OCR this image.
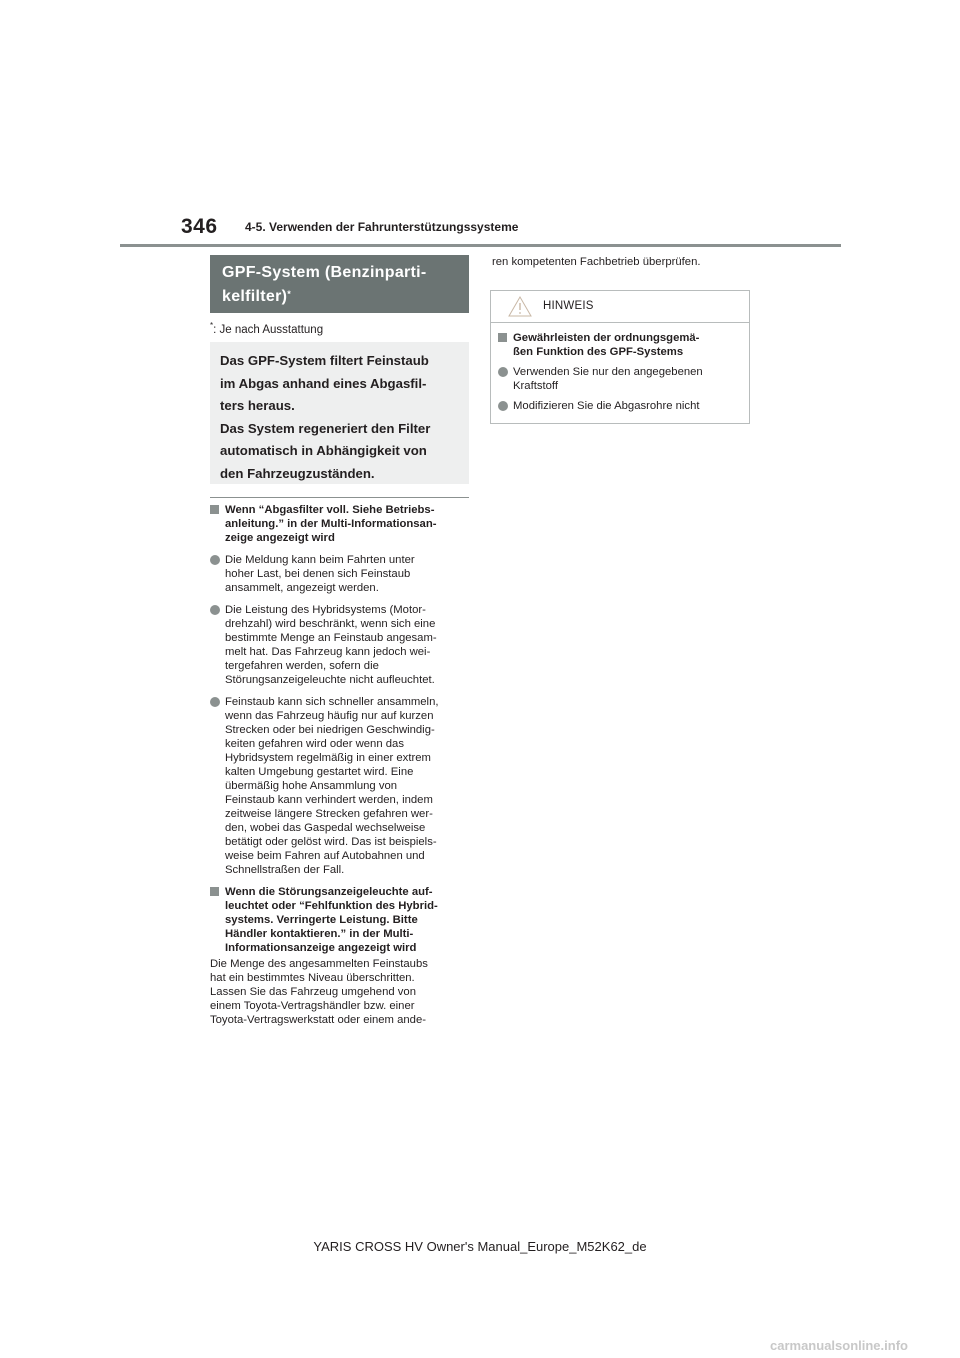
346 4-5. Verwenden der Fahrunterstützungssysteme
GPF-System (Benzinparti-
kelfilter)*
*: Je nach Ausstattung

Das GPF-System filtert Feinstaub

im Abgas anhand eines Abgasfil-

ters heraus.

Das System regeneriert den Filter

automatisch in Abhängigkeit von

den Fahrzeugzuständen.

Wenn “Abgasfilter voll. Siehe Betriebs-
anleitung.” in der Multi-Informationsan-
zeige angezeigt wird
Die Meldung kann beim Fahrten unter
hoher Last, bei denen sich Feinstaub
ansammelt, angezeigt werden.
Die Leistung des Hybridsystems (Motor-
drehzahl) wird beschränkt, wenn sich eine
bestimmte Menge an Feinstaub angesam-
melt hat. Das Fahrzeug kann jedoch wei-
tergefahren werden, sofern die
Störungsanzeigeleuchte nicht aufleuchtet.
Feinstaub kann sich schneller ansammeln,
wenn das Fahrzeug häufig nur auf kurzen
Strecken oder bei niedrigen Geschwindig-
keiten gefahren wird oder wenn das
Hybridsystem regelmäßig in einer extrem
kalten Umgebung gestartet wird. Eine
übermäßig hohe Ansammlung von
Feinstaub kann verhindert werden, indem
zeitweise längere Strecken gefahren wer-
den, wobei das Gaspedal wechselweise
betätigt oder gelöst wird. Das ist beispiels-
weise beim Fahren auf Autobahnen und
Schnellstraßen der Fall.
Wenn die Störungsanzeigeleuchte auf-
leuchtet oder “Fehlfunktion des Hybrid-
systems. Verringerte Leistung. Bitte
Händler kontaktieren.” in der Multi-
Informationsanzeige angezeigt wird
Die Menge des angesammelten Feinstaubs
hat ein bestimmtes Niveau überschritten.
Lassen Sie das Fahrzeug umgehend von
einem Toyota-Vertragshändler bzw. einer
Toyota-Vertragswerkstatt oder einem ande-
ren kompetenten Fachbetrieb überprüfen.
HINWEIS
Gewährleisten der ordnungsgemä-
ßen Funktion des GPF-Systems
Verwenden Sie nur den angegebenen
Kraftstoff
Modifizieren Sie die Abgasrohre nicht
YARIS CROSS HV Owner's Manual_Europe_M52K62_de
carmanualsonline.info
